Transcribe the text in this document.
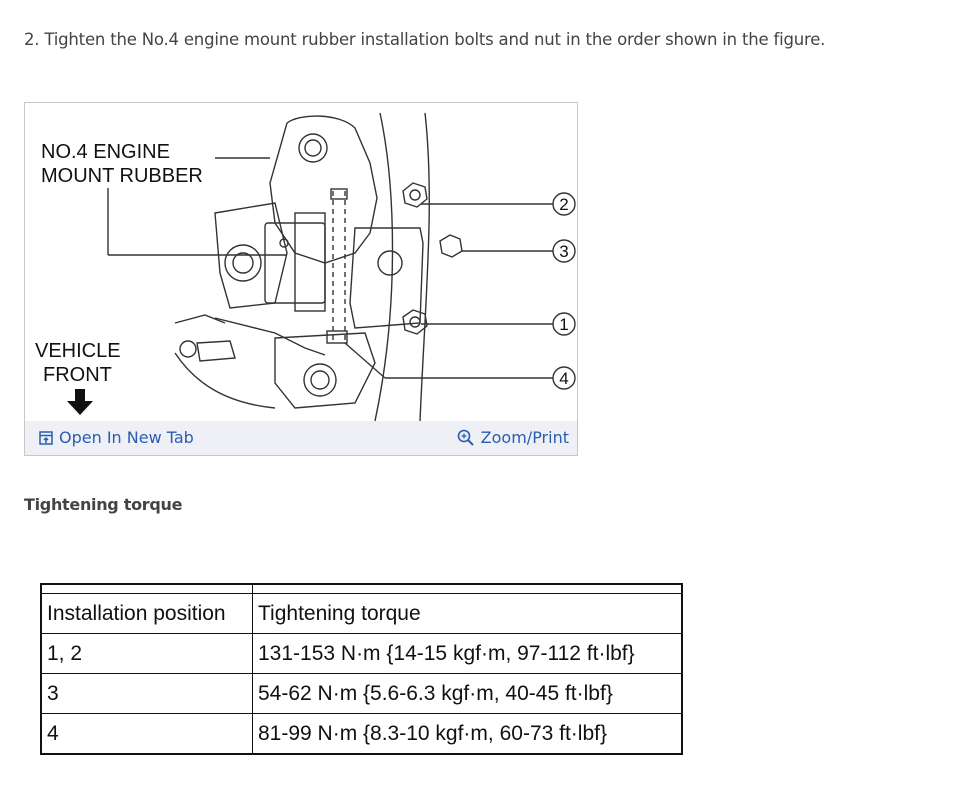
2. Tighten the No.4 engine mount rubber installation bolts and nut in the order shown in the figure.
NO.4 ENGINE
MOUNT RUBBER
VEHICLE
FRONT
2
3
1
4
Open In New Tab	Zoom/Print
Tightening torque

Installation position	Tightening torque
1, 2	131-153 N·m {14-15 kgf·m, 97-112 ft·lbf}
3	54-62 N·m {5.6-6.3 kgf·m, 40-45 ft·lbf}
4	81-99 N·m {8.3-10 kgf·m, 60-73 ft·lbf}
